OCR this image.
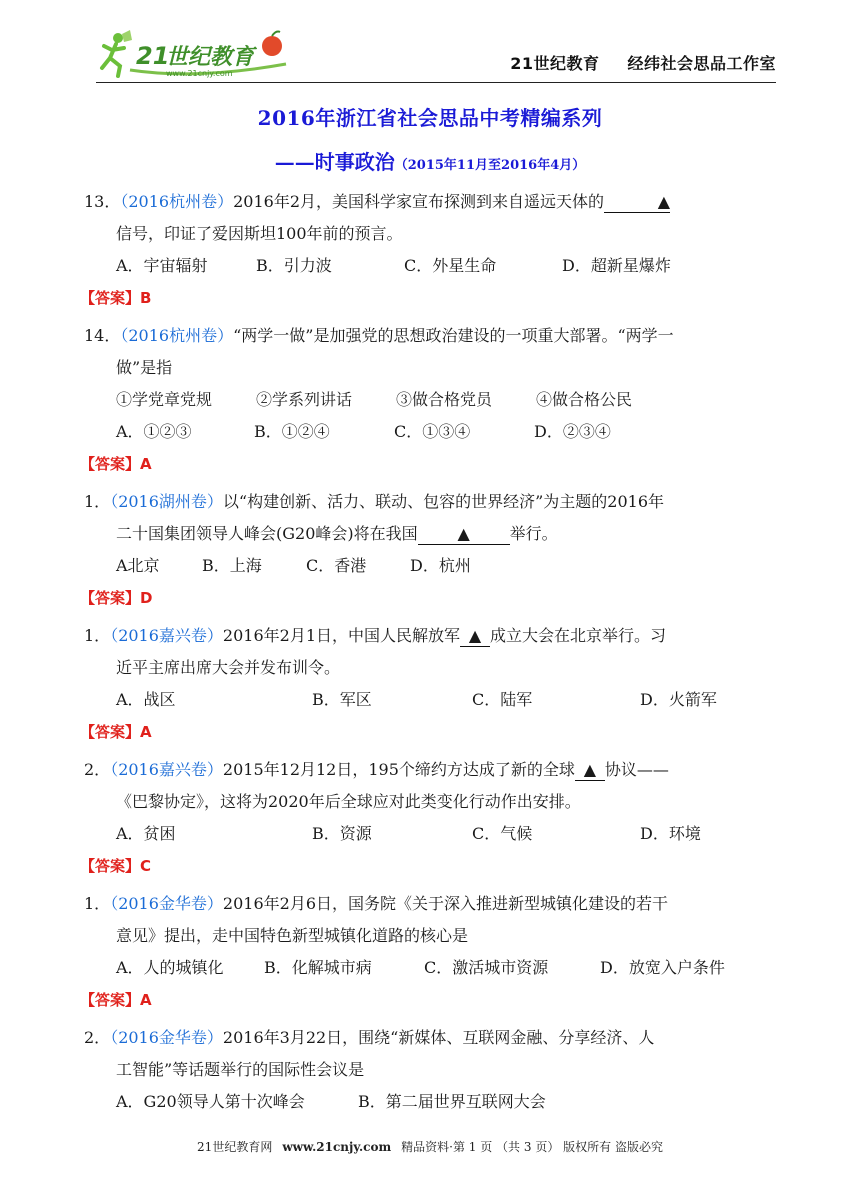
21
世纪教育
www.21cnjy.com
21世纪教育 经纬社会思品工作室
2016年浙江省社会思品中考精编系列
——时事政治（2015年11月至2016年4月）
13．（2016杭州卷）2016年2月，美国科学家宣布探测到来自遥远天体的	▲
信号，印证了爱因斯坦100年前的预言。
A．宇宙辐射	B．引力波	C．外星生命	D．超新星爆炸
【答案】B
14．（2016杭州卷）“两学一做”是加强党的思想政治建设的一项重大部署。“两学一
做”是指
①学党章党规	②学系列讲话	③做合格党员	④做合格公民
A．①②③	B．①②④	C．①③④	D．②③④
【答案】A
1．（2016湖州卷）以“构建创新、活力、联动、包容的世界经济”为主题的2016年
二十国集团领导人峰会(G20峰会)将在我国 ▲ 举行。
A北京	B．上海	C．香港	D．杭州
【答案】D
1．（2016嘉兴卷）2016年2月1日，中国人民解放军 ▲ 成立大会在北京举行。习
近平主席出席大会并发布训令。
A．战区	B．军区	C．陆军	D．火箭军
【答案】A
2．（2016嘉兴卷）2015年12月12日，195个缔约方达成了新的全球 ▲ 协议——
《巴黎协定》，这将为2020年后全球应对此类变化行动作出安排。
A．贫困	B．资源	C．气候	D．环境
【答案】C
1．（2016金华卷）2016年2月6日，国务院《关于深入推进新型城镇化建设的若干
意见》提出，走中国特色新型城镇化道路的核心是
A．人的城镇化	B．化解城市病	C．激活城市资源	D．放宽入户条件
【答案】A
2．（2016金华卷）2016年3月22日，围绕“新媒体、互联网金融、分享经济、人
工智能”等话题举行的国际性会议是
A．G20领导人第十次峰会	B．第二届世界互联网大会
21世纪教育网 www.21cnjy.com 精品资料·第 1 页 （共 3 页） 版权所有 盗版必究
